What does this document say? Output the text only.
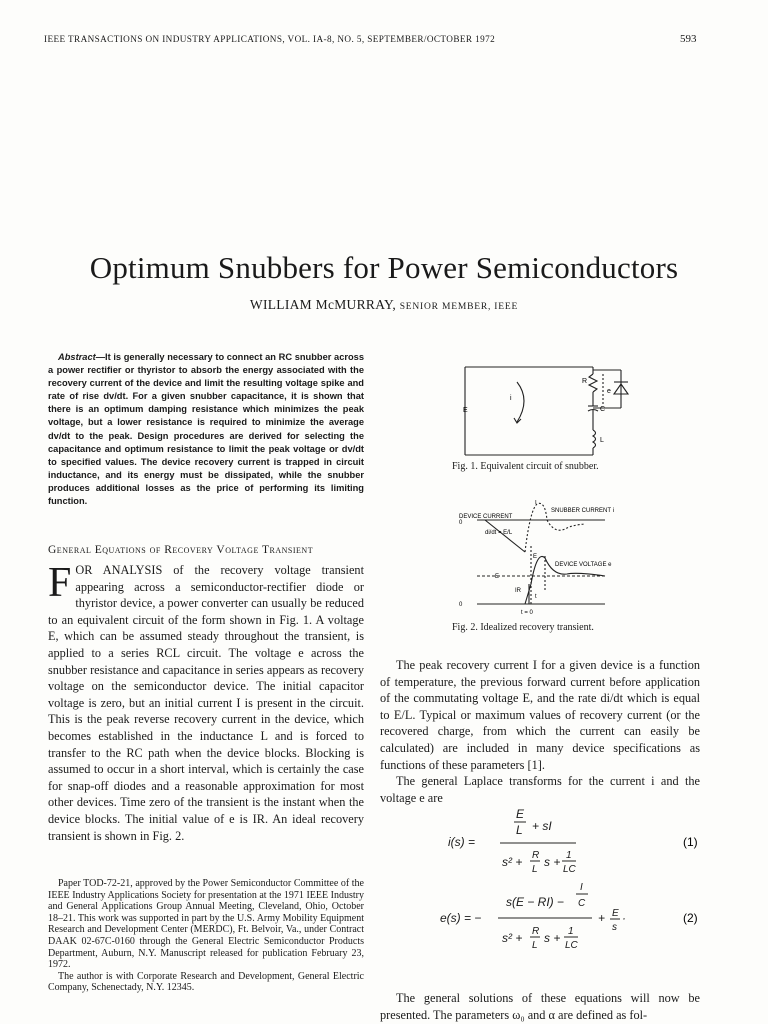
IEEE TRANSACTIONS ON INDUSTRY APPLICATIONS, VOL. IA-8, NO. 5, SEPTEMBER/OCTOBER 1972	593
Optimum Snubbers for Power Semiconductors
WILLIAM McMURRAY, SENIOR MEMBER, IEEE
Abstract—It is generally necessary to connect an RC snubber across a power rectifier or thyristor to absorb the energy associated with the recovery current of the device and limit the resulting voltage spike and rate of rise dv/dt. For a given snubber capacitance, it is shown that there is an optimum damping resistance which minimizes the peak voltage, but a lower resistance is required to minimize the average dv/dt to the peak. Design procedures are derived for selecting the capacitance and optimum resistance to limit the peak voltage or dv/dt to specified values. The device recovery current is trapped in circuit inductance, and its energy must be dissipated, while the snubber produces additional losses as the price of performing its limiting function.
General Equations of Recovery Voltage Transient

FOR ANALYSIS of the recovery voltage transient appearing across a semiconductor-rectifier diode or thyristor device, a power converter can usually be reduced to an equivalent circuit of the form shown in Fig. 1. A voltage E, which can be assumed steady throughout the transient, is applied to a series RCL circuit. The voltage e across the snubber resistance and capacitance in series appears as recovery voltage on the semiconductor device. The initial capacitor voltage is zero, but an initial current I is present in the circuit. This is the peak reverse recovery current in the device, which becomes established in the inductance L and is forced to transfer to the RC path when the device blocks. Blocking is assumed to occur in a short interval, which is certainly the case for snap-off diodes and a reasonable approximation for most other devices. Time zero of the transient is the instant when the device blocks. The initial value of e is IR. An ideal recovery transient is shown in Fig. 2.

Paper TOD-72-21, approved by the Power Semiconductor Committee of the IEEE Industry Applications Society for presentation at the 1971 IEEE Industry and General Applications Group Annual Meeting, Cleveland, Ohio, October 18–21. This work was supported in part by the U.S. Army Mobility Equipment Research and Development Center (MERDC), Ft. Belvoir, Va., under Contract DAAK 02-67C-0160 through the General Electric Semiconductor Products Department, Auburn, N.Y. Manuscript released for publication February 23, 1972.

The author is with Corporate Research and Development, General Electric Company, Schenectady, N.Y. 12345.

E
R
C
L
e
i
Fig. 1. Equivalent circuit of snubber.
DEVICE CURRENT
SNUBBER CURRENT i
I
0
di/dt = E/L
DEVICE VOLTAGE e
E
E
IR
t
0
t = 0
Fig. 2. Idealized recovery transient.

The peak recovery current I for a given device is a function of temperature, the previous forward current before application of the commutating voltage E, and the rate di/dt which is equal to E/L. Typical or maximum values of recovery current (or the recovered charge, from which the current can easily be calculated) are included in many device specifications as functions of these parameters [1].

The general Laplace transforms for the current i and the voltage e are

i(s) =
E
L + sI
s² + R
L
s + 1
LC
(1)
e(s) = −
s(E − RI) −
I
C
s² + R
L
s + 1
LC
+ E
s
·	(2)

The general solutions of these equations will now be presented. The parameters ω₀ and α are defined as fol-
